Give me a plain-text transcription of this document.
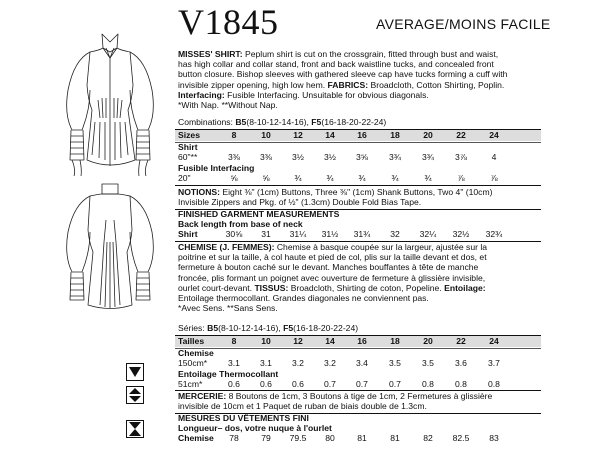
V1845	AVERAGE/MOINS FACILE
MISSES' SHIRT: Peplum shirt is cut on the crossgrain, fitted through bust and waist,
has high collar and collar stand, front and back waistline tucks, and concealed front
button closure. Bishop sleeves with gathered sleeve cap have tucks forming a cuff with
invisible zipper opening, high low hem. FABRICS: Broadcloth, Cotton Shirting, Poplin.
Interfacing: Fusible Interfacing. Unsuitable for obvious diagonals.
*With Nap. **Without Nap.
Combinations: B5(8-10-12-14-16), F5(16-18-20-22-24)
Sizes	8	10	12	14	16	18	20	22	24
Shirt
60"**	3⅜	3⅜	3½	3½	3⅝	3¾	3¾	3⅞	4
Fusible Interfacing
20"	⅝	⅝	¾	¾	¾	¾	¾	⅞	⅞
NOTIONS: Eight ⅜" (1cm) Buttons, Three ⅜" (1cm) Shank Buttons, Two 4" (10cm)
Invisible Zippers and Pkg. of ½" (1.3cm) Double Fold Bias Tape.
FINISHED GARMENT MEASUREMENTS
Back length from base of neck
Shirt	30⅝	31	31¼	31½	31¾	32	32¼	32½	32¾
CHEMISE (J. FEMMES): Chemise à basque coupée sur la largeur, ajustée sur la
poitrine et sur la taille, à col haute et pied de col, plis sur la taille devant et dos, et
fermeture à bouton caché sur le devant. Manches bouffantes à tête de manche
froncée, plis formant un poignet avec ouverture de fermeture à glissière invisible,
ourlet court-devant. TISSUS: Broadcloth, Shirting de coton, Popeline. Entoilage:
Entoilage thermocollant. Grandes diagonales ne conviennent pas.
*Avec Sens. **Sans Sens.
Séries: B5(8-10-12-14-16), F5(16-18-20-22-24)
Tailles	8	10	12	14	16	18	20	22	24
Chemise
150cm*	3.1	3.1	3.2	3.2	3.4	3.5	3.5	3.6	3.7
Entoilage Thermocollant
51cm*	0.6	0.6	0.6	0.7	0.7	0.7	0.8	0.8	0.8
MERCERIE: 8 Boutons de 1cm, 3 Boutons à tige de 1cm, 2 Fermetures à glissière
invisible de 10cm et 1 Paquet de ruban de biais double de 1.3cm.
MESURES DU VÊTEMENTS FINI
Longueur– dos, votre nuque à l'ourlet
Chemise	78	79	79.5	80	81	81	82	82.5	83
